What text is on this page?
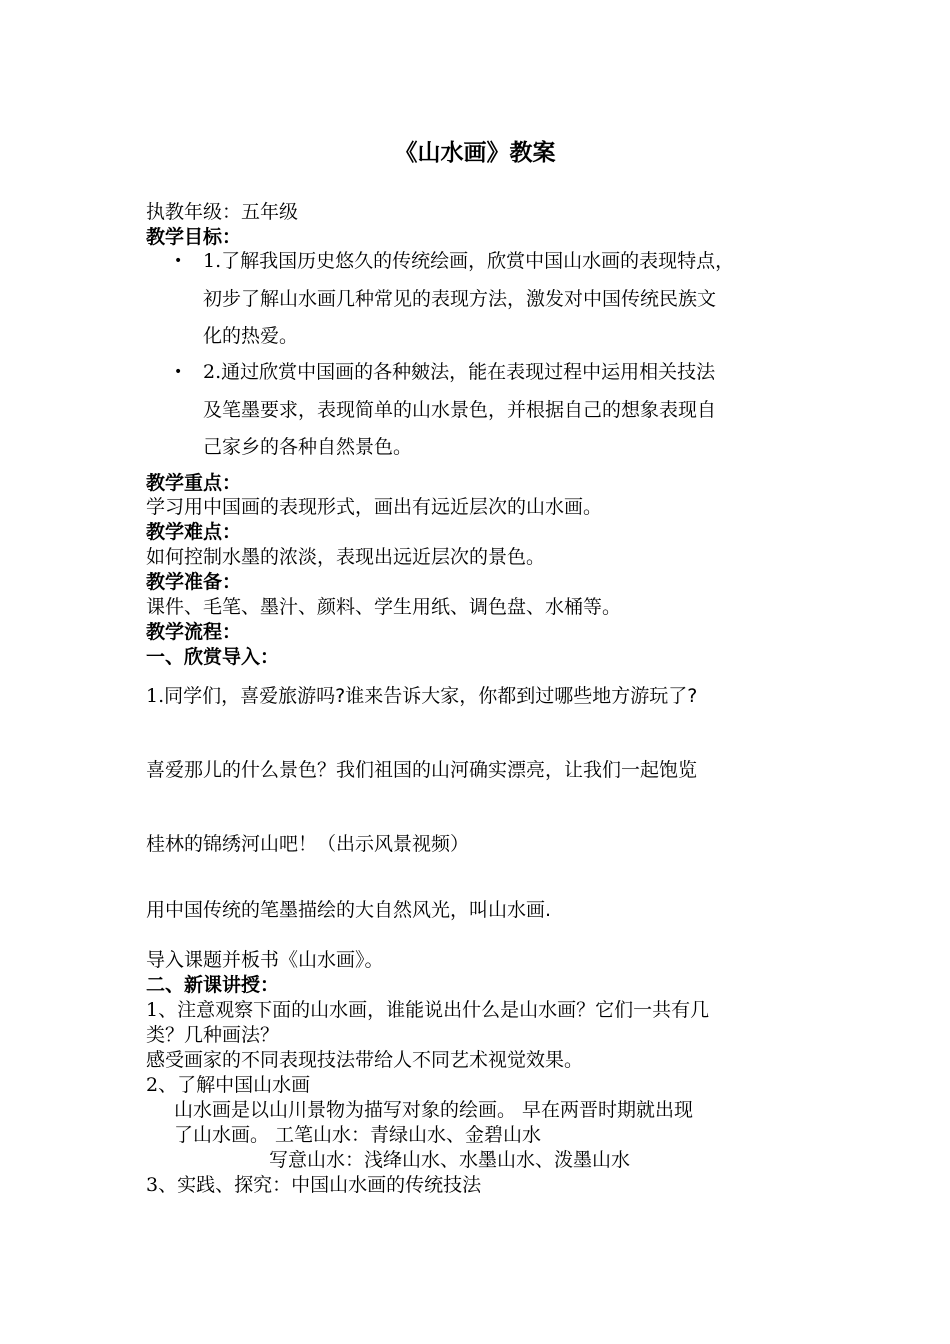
《山水画》教案
执教年级：五年级
教学目标：
• 1.了解我国历史悠久的传统绘画，欣赏中国山水画的表现特点，
初步了解山水画几种常见的表现方法，激发对中国传统民族文
化的热爱。
• 2.通过欣赏中国画的各种皴法，能在表现过程中运用相关技法
及笔墨要求，表现简单的山水景色，并根据自己的想象表现自
己家乡的各种自然景色。
教学重点：
学习用中国画的表现形式，画出有远近层次的山水画。
教学难点：
如何控制水墨的浓淡，表现出远近层次的景色。
教学准备：
课件、毛笔、墨汁、颜料、学生用纸、调色盘、水桶等。
教学流程：
一、欣赏导入：
1.同学们，喜爱旅游吗?谁来告诉大家，你都到过哪些地方游玩了?
喜爱那儿的什么景色？我们祖国的山河确实漂亮，让我们一起饱览
桂林的锦绣河山吧！（出示风景视频）
用中国传统的笔墨描绘的大自然风光，叫山水画.
导入课题并板书《山水画》。
二、新课讲授：
1、注意观察下面的山水画，谁能说出什么是山水画？它们一共有几
类？几种画法？
感受画家的不同表现技法带给人不同艺术视觉效果。
2、了解中国山水画
山水画是以山川景物为描写对象的绘画。 早在两晋时期就出现
了山水画。 工笔山水：青绿山水、金碧山水
写意山水：浅绛山水、水墨山水、泼墨山水
3、实践、探究：中国山水画的传统技法
